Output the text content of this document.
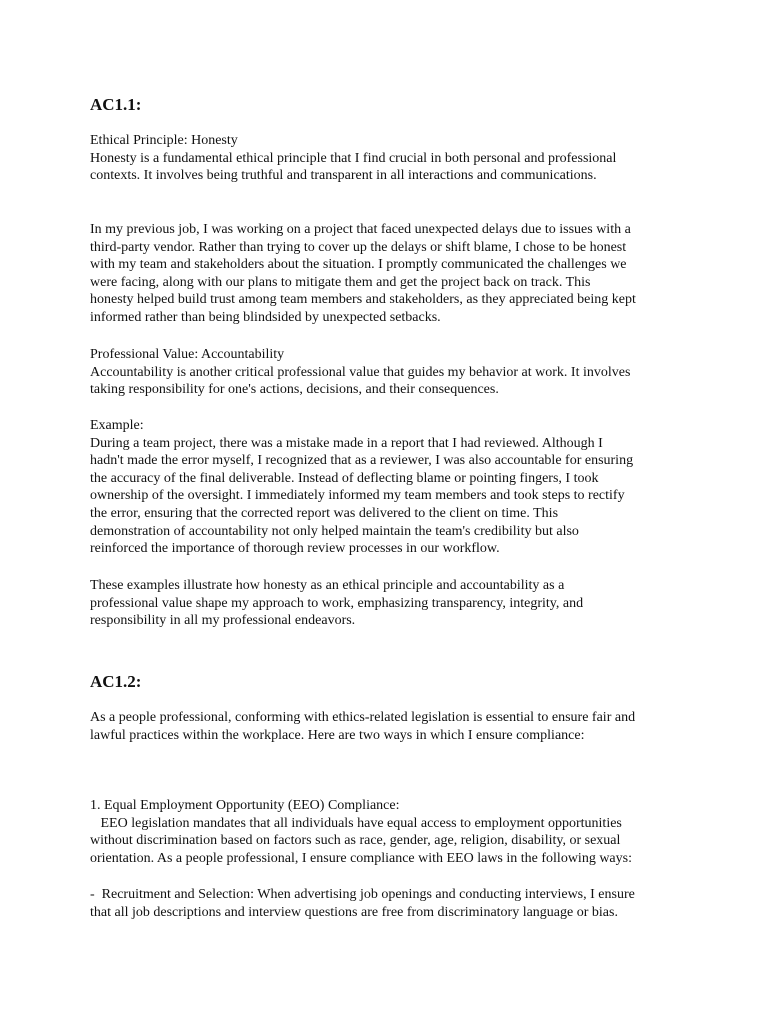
AC1.1:
Ethical Principle: Honesty
Honesty is a fundamental ethical principle that I find crucial in both personal and professional
contexts. It involves being truthful and transparent in all interactions and communications.
In my previous job, I was working on a project that faced unexpected delays due to issues with a
third-party vendor. Rather than trying to cover up the delays or shift blame, I chose to be honest
with my team and stakeholders about the situation. I promptly communicated the challenges we
were facing, along with our plans to mitigate them and get the project back on track. This
honesty helped build trust among team members and stakeholders, as they appreciated being kept
informed rather than being blindsided by unexpected setbacks.
Professional Value: Accountability
Accountability is another critical professional value that guides my behavior at work. It involves
taking responsibility for one's actions, decisions, and their consequences.
Example:
During a team project, there was a mistake made in a report that I had reviewed. Although I
hadn't made the error myself, I recognized that as a reviewer, I was also accountable for ensuring
the accuracy of the final deliverable. Instead of deflecting blame or pointing fingers, I took
ownership of the oversight. I immediately informed my team members and took steps to rectify
the error, ensuring that the corrected report was delivered to the client on time. This
demonstration of accountability not only helped maintain the team's credibility but also
reinforced the importance of thorough review processes in our workflow.
These examples illustrate how honesty as an ethical principle and accountability as a
professional value shape my approach to work, emphasizing transparency, integrity, and
responsibility in all my professional endeavors.
AC1.2:
As a people professional, conforming with ethics-related legislation is essential to ensure fair and
lawful practices within the workplace. Here are two ways in which I ensure compliance:
1. Equal Employment Opportunity (EEO) Compliance:
EEO legislation mandates that all individuals have equal access to employment opportunities
without discrimination based on factors such as race, gender, age, religion, disability, or sexual
orientation. As a people professional, I ensure compliance with EEO laws in the following ways:
-  Recruitment and Selection: When advertising job openings and conducting interviews, I ensure
that all job descriptions and interview questions are free from discriminatory language or bias.
